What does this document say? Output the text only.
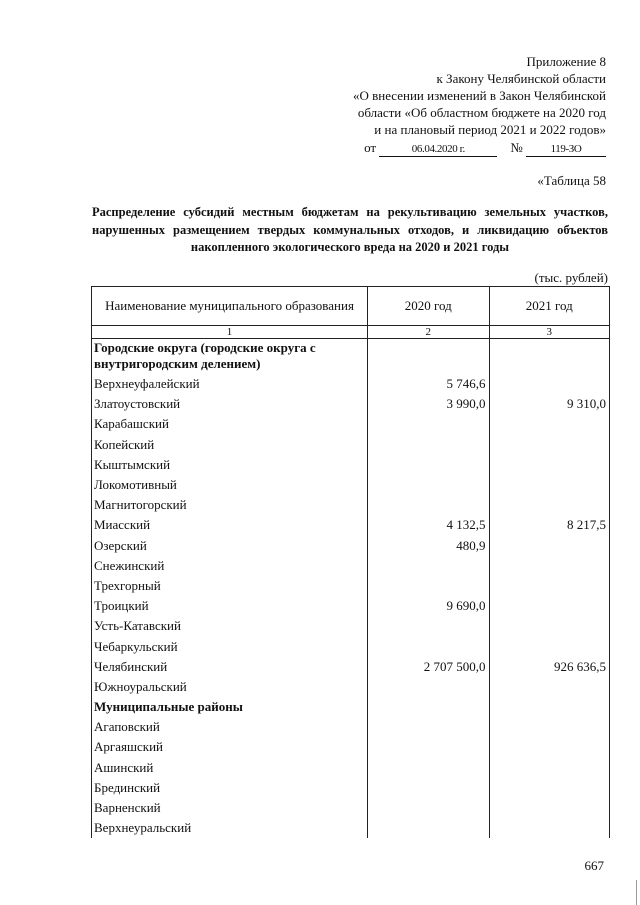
Приложение 8
к Закону Челябинской области
«О внесении изменений в Закон Челябинской
области «Об областном бюджете на 2020 год
и на плановый период 2021 и 2022 годов»
от	06.04.2020 г.	№	119-ЗО
«Таблица 58
Распределение субсидий местным бюджетам на рекультивацию земельных участков, нарушенных размещением твердых коммунальных отходов, и ликвидацию объектов накопленного экологического вреда на 2020 и 2021 годы
(тыс. рублей)
Наименование муниципального образования	2020 год	2021 год
1	2	3
Городские округа (городские округа с внутригородским делением)		
Верхнеуфалейский	5 746,6	
Златоустовский	3 990,0	9 310,0
Карабашский		
Копейский		
Кыштымский		
Локомотивный		
Магнитогорский		
Миасский	4 132,5	8 217,5
Озерский	480,9	
Снежинский		
Трехгорный		
Троицкий	9 690,0	
Усть-Катавский		
Чебаркульский		
Челябинский	2 707 500,0	926 636,5
Южноуральский		
Муниципальные районы		
Агаповский		
Аргаяшский		
Ашинский		
Брединский		
Варненский		
Верхнеуральский		
667
